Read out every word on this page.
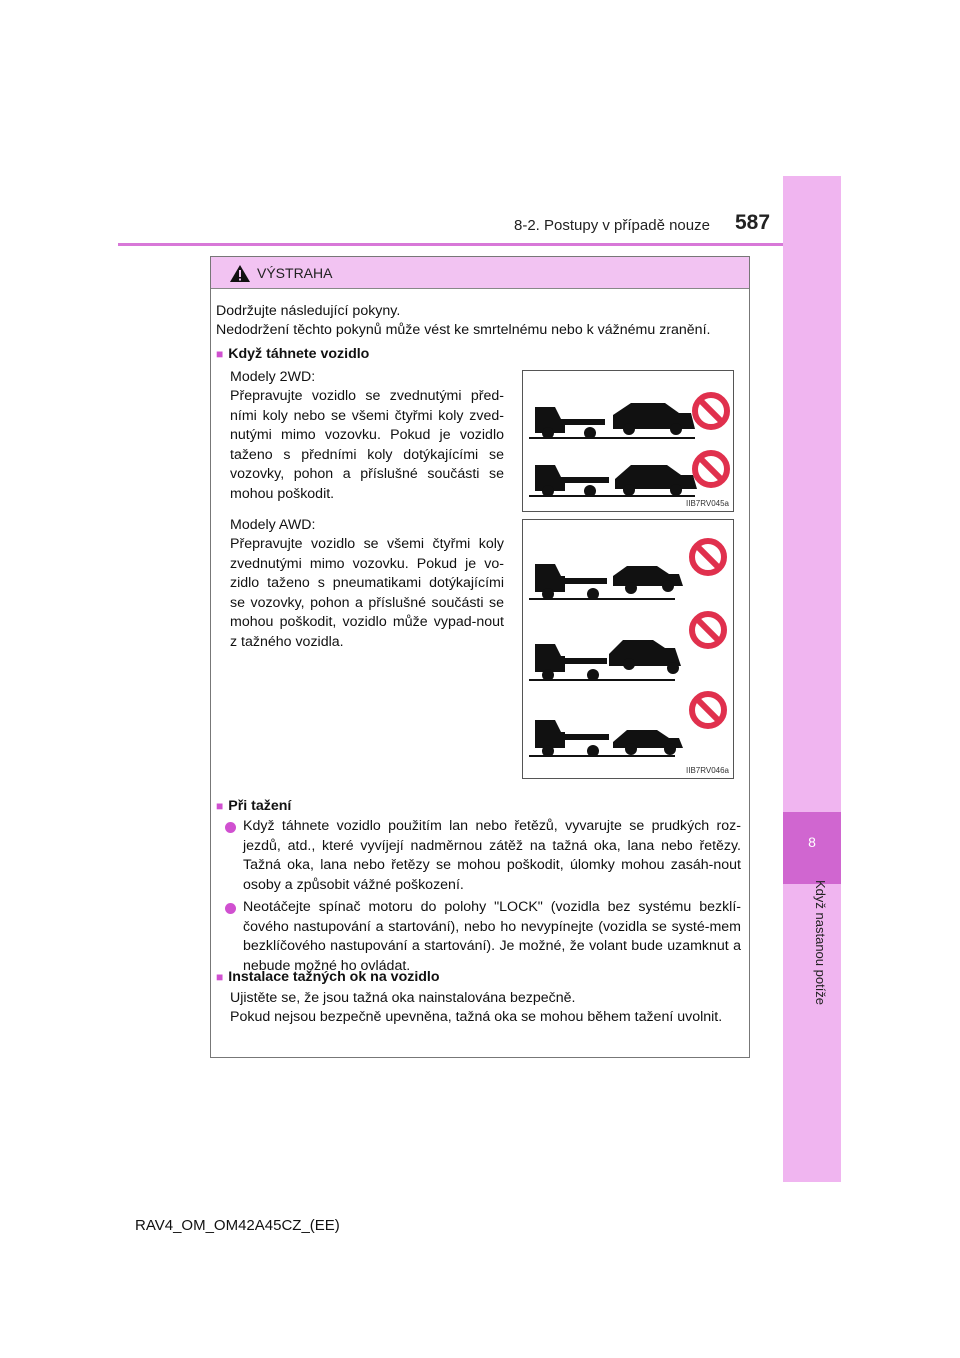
8
Když nastanou potíže
8-2. Postupy v případě nouze 587
VÝSTRAHA
Dodržujte následující pokyny.
Nedodržení těchto pokynů může vést ke smrtelnému nebo k vážnému zranění.
■ Když táhnete vozidlo
Modely 2WD:
Přepravujte vozidlo se zvednutými před-ními koly nebo se všemi čtyřmi koly zved-nutými mimo vozovku. Pokud je vozidlo taženo s předními koly dotýkajícími se vozovky, pohon a příslušné součásti se mohou poškodit.
Modely AWD:
Přepravujte vozidlo se všemi čtyřmi koly zvednutými mimo vozovku. Pokud je vo-zidlo taženo s pneumatikami dotýkajícími se vozovky, pohon a příslušné součásti se mohou poškodit, vozidlo může vypad-nout z tažného vozidla.
IIB7RV045a
IIB7RV046a
■ Při tažení
Když táhnete vozidlo použitím lan nebo řetězů, vyvarujte se prudkých roz-jezdů, atd., které vyvíjejí nadměrnou zátěž na tažná oka, lana nebo řetězy. Tažná oka, lana nebo řetězy se mohou poškodit, úlomky mohou zasáh-nout osoby a způsobit vážné poškození.
Neotáčejte spínač motoru do polohy "LOCK" (vozidla bez systému bezklí-čového nastupování a startování), nebo ho nevypínejte (vozidla se systé-mem bezklíčového nastupování a startování). Je možné, že volant bude uzamknut a nebude možné ho ovládat.
■ Instalace tažných ok na vozidlo
Ujistěte se, že jsou tažná oka nainstalována bezpečně.
Pokud nejsou bezpečně upevněna, tažná oka se mohou během tažení uvolnit.
RAV4_OM_OM42A45CZ_(EE)
